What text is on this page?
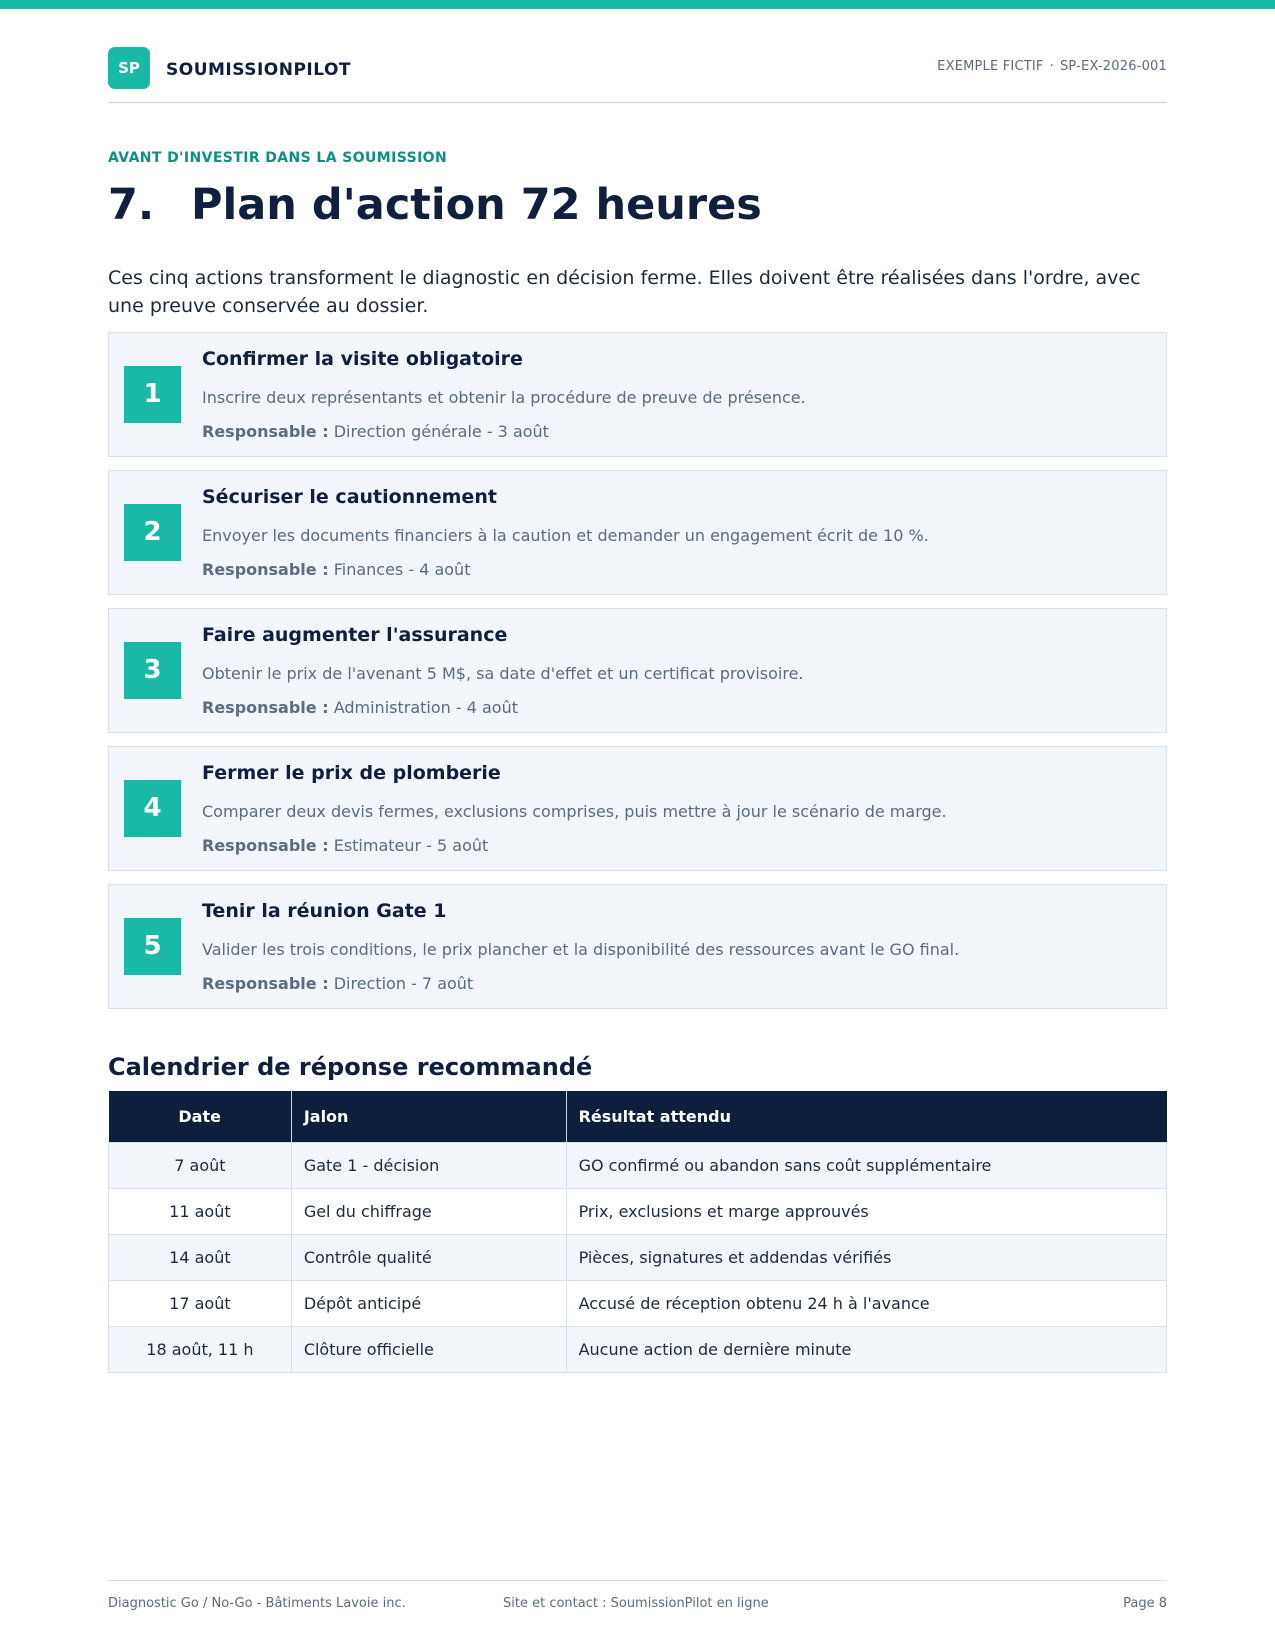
SP	SOUMISSIONPILOT	EXEMPLE FICTIF · SP-EX-2026-001
AVANT D'INVESTIR DANS LA SOUMISSION
7. Plan d'action 72 heures

Ces cinq actions transforment le diagnostic en décision ferme. Elles doivent être réalisées dans l'ordre, avec une preuve conservée au dossier.

1
Confirmer la visite obligatoire
Inscrire deux représentants et obtenir la procédure de preuve de présence.
Responsable : Direction générale - 3 août
2
Sécuriser le cautionnement
Envoyer les documents financiers à la caution et demander un engagement écrit de 10 %.
Responsable : Finances - 4 août
3
Faire augmenter l'assurance
Obtenir le prix de l'avenant 5 M$, sa date d'effet et un certificat provisoire.
Responsable : Administration - 4 août
4
Fermer le prix de plomberie
Comparer deux devis fermes, exclusions comprises, puis mettre à jour le scénario de marge.
Responsable : Estimateur - 5 août
5
Tenir la réunion Gate 1
Valider les trois conditions, le prix plancher et la disponibilité des ressources avant le GO final.
Responsable : Direction - 7 août
Calendrier de réponse recommandé
Date	Jalon	Résultat attendu
7 août	Gate 1 - décision	GO confirmé ou abandon sans coût supplémentaire
11 août	Gel du chiffrage	Prix, exclusions et marge approuvés
14 août	Contrôle qualité	Pièces, signatures et addendas vérifiés
17 août	Dépôt anticipé	Accusé de réception obtenu 24 h à l'avance
18 août, 11 h	Clôture officielle	Aucune action de dernière minute
Diagnostic Go / No-Go - Bâtiments Lavoie inc.	Site et contact : SoumissionPilot en ligne	Page 8
